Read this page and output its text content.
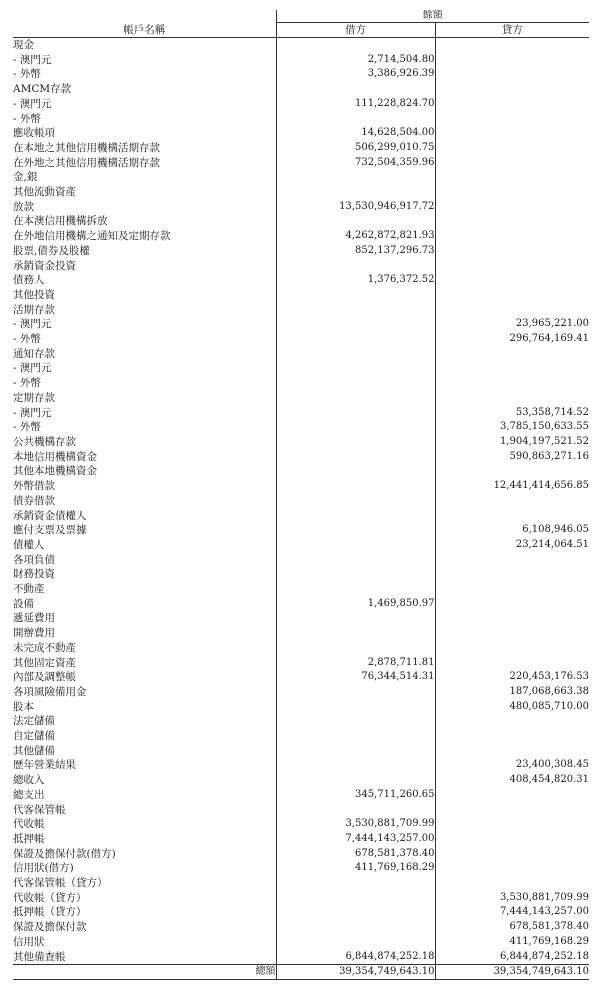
	餘額	
帳戶名稱	借方	貸方
現金		
- 澳門元	2,714,504.80	
- 外幣	3,386,926.39	
AMCM存款		
- 澳門元	111,228,824.70	
- 外幣		
應收帳項	14,628,504.00	
在本地之其他信用機構活期存款	506,299,010.75	
在外地之其他信用機構活期存款	732,504,359.96	
金,銀		
其他流動資產		
放款	13,530,946,917.72	
在本澳信用機構拆放		
在外地信用機構之通知及定期存款	4,262,872,821.93	
股票,債券及股權	852,137,296.73	
承銷資金投資		
債務人	1,376,372.52	
其他投資		
活期存款		
- 澳門元		23,965,221.00
- 外幣		296,764,169.41
通知存款		
- 澳門元		
- 外幣		
定期存款		
- 澳門元		53,358,714.52
- 外幣		3,785,150,633.55
公共機構存款		1,904,197,521.52
本地信用機構資金		590,863,271.16
其他本地機構資金		
外幣借款		12,441,414,656.85
債券借款		
承銷資金債權人		
應付支票及票據		6,108,946.05
債權人		23,214,064.51
各項負債		
財務投資		
不動產		
設備	1,469,850.97	
遞延費用		
開辦費用		
未完成不動產		
其他固定資產	2,878,711.81	
內部及調整帳	76,344,514.31	220,453,176.53
各項風險備用金		187,068,663.38
股本		480,085,710.00
法定儲備		
自定儲備		
其他儲備		
歷年營業結果		23,400,308.45
總收入		408,454,820.31
總支出	345,711,260.65	
代客保管帳		
代收帳	3,530,881,709.99	
抵押帳	7,444,143,257.00	
保證及擔保付款(借方)	678,581,378.40	
信用狀(借方)	411,769,168.29	
代客保管帳（貸方）		
代收帳（貸方）		3,530,881,709.99
抵押帳（貸方）		7,444,143,257.00
保證及擔保付款		678,581,378.40
信用狀		411,769,168.29
其他備查帳	6,844,874,252.18	6,844,874,252.18
總額	39,354,749,643.10	39,354,749,643.10
